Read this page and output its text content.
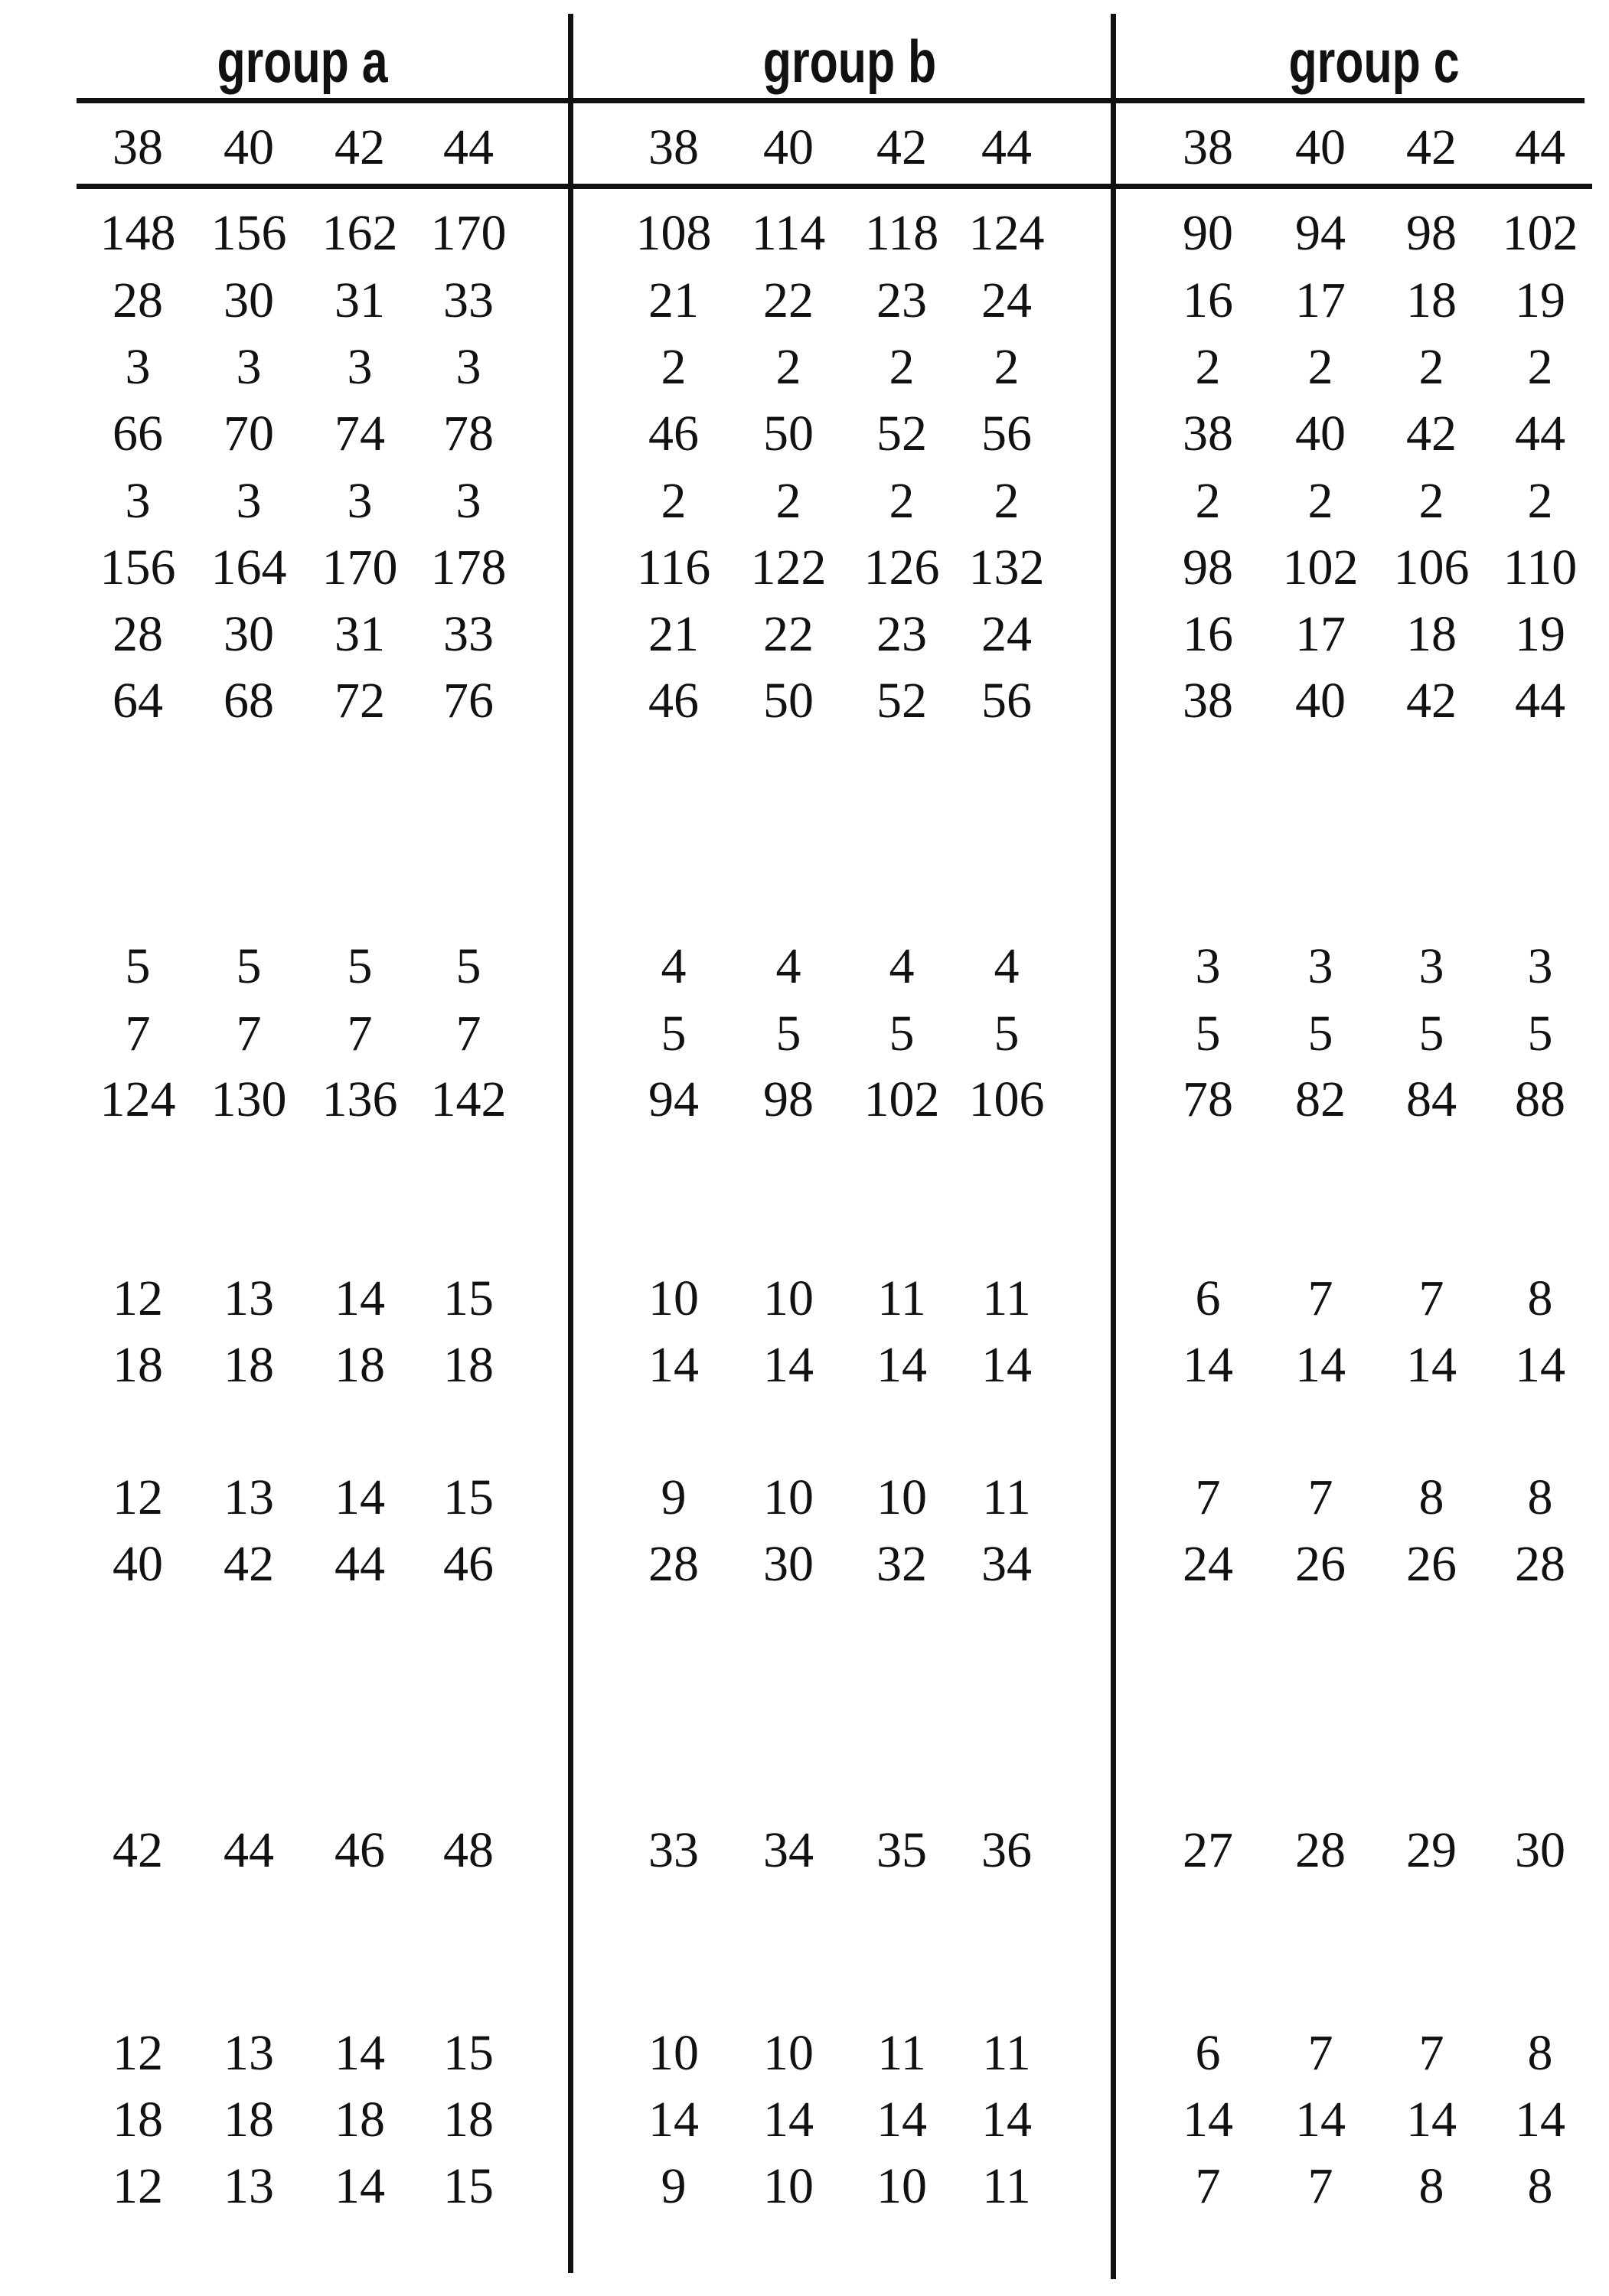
group a
38 40 42 44
148 156 162 170
28 30 31 33
3 3 3 3
66 70 74 78
3 3 3 3
156 164 170 178
28 30 31 33
64 68 72 76
5 5 5 5
7 7 7 7
124 130 136 142
12 13 14 15
18 18 18 18
12 13 14 15
40 42 44 46
42 44 46 48
12 13 14 15
18 18 18 18
12 13 14 15
group b
38 40 42 44
108 114 118 124
21 22 23 24
2 2 2 2
46 50 52 56
2 2 2 2
116 122 126 132
21 22 23 24
46 50 52 56
4 4 4 4
5 5 5 5
94 98 102 106
10 10 11 11
14 14 14 14
9 10 10 11
28 30 32 34
33 34 35 36
10 10 11 11
14 14 14 14
9 10 10 11
group c
38 40 42 44
90 94 98 102
16 17 18 19
2 2 2 2
38 40 42 44
2 2 2 2
98 102 106 110
16 17 18 19
38 40 42 44
3 3 3 3
5 5 5 5
78 82 84 88
6 7 7 8
14 14 14 14
7 7 8 8
24 26 26 28
27 28 29 30
6 7 7 8
14 14 14 14
7 7 8 8
